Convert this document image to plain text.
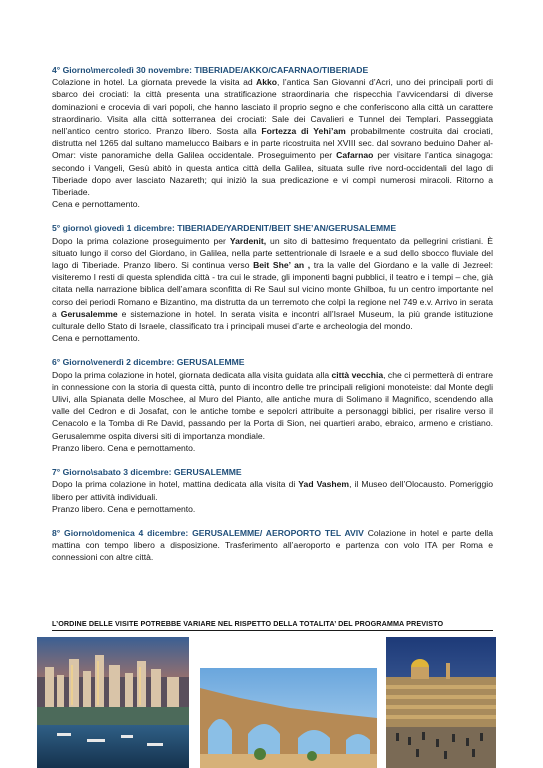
4° Giorno\mercoledì 30 novembre: TIBERIADE/AKKO/CAFARNAO/TIBERIADE
Colazione in hotel. La giornata prevede la visita ad Akko, l’antica San Giovanni d’Acri, uno dei principali porti di sbarco dei crociati: la città presenta una stratificazione straordinaria che rispecchia l’avvicendarsi di diverse dominazioni e crocevia di vari popoli, che hanno lasciato il proprio segno e che conferiscono alla città un carattere straordinario. Visita alla città sotterranea dei crociati: Sale dei Cavalieri e Tunnel dei Templari. Passeggiata nell’antico centro storico. Pranzo libero. Sosta alla Fortezza di Yehi’am probabilmente costruita dai crociati, distrutta nel 1265 dal sultano mamelucco Baibars e in parte ricostruita nel XVIII sec. dal sovrano beduino Daher al-Omar: viste panoramiche della Galilea occidentale. Proseguimento per Cafarnao per visitare l’antica sinagoga: secondo i Vangeli, Gesù abitò in questa antica città della Galilea, situata sulle rive nord-occidentali del lago di Tiberiade dopo aver lasciato Nazareth; qui iniziò la sua predicazione e vi compì numerosi miracoli. Ritorno a Tiberiade.
Cena e pernottamento.

5° giorno\ giovedì 1 dicembre: TIBERIADE/YARDENIT/BEIT SHE’AN/GERUSALEMME
Dopo la prima colazione proseguimento per Yardenit, un sito di battesimo frequentato da pellegrini cristiani. È situato lungo il corso del Giordano, in Galilea, nella parte settentrionale di Israele e a sud dello sbocco fluviale del lago di Tiberiade. Pranzo libero. Si continua verso Beit She’ an , tra la valle del Giordano e la valle di Jezreel: visiteremo I resti di questa splendida città - tra cui le strade, gli imponenti bagni pubblici, il teatro e i tempi – che, già citata nella narrazione biblica dell’amara sconfitta di Re Saul sul vicino monte Ghilboa, fu un centro importante nel corso dei periodi Romano e Bizantino, ma distrutta da un terremoto che colpì la regione nel 749 e.v. Arrivo in serata a Gerusalemme e sistemazione in hotel. In serata visita e incontri all’Israel Museum, la più grande istituzione culturale dello Stato di Israele, classificato tra i principali musei d’arte e archeologia del mondo.
Cena e pernottamento.

6° Giorno\venerdì 2 dicembre: GERUSALEMME
Dopo la prima colazione in hotel, giornata dedicata alla visita guidata alla città vecchia, che ci permetterà di entrare in connessione con la storia di questa città, punto di incontro delle tre principali religioni monoteiste: dal Monte degli Ulivi, alla Spianata delle Moschee, al Muro del Pianto, alle antiche mura di Solimano il Magnifico, scendendo alla valle del Cedron e di Josafat, con le antiche tombe e sepolcri attribuite a personaggi biblici, per risalire verso il Cenacolo e la Tomba di Re David, passando per la Porta di Sion, nei quartieri arabo, ebraico, armeno e cristiano. Gerusalemme ospita diversi siti di importanza mondiale.
Pranzo libero. Cena e pernottamento.

7° Giorno\sabato 3 dicembre: GERUSALEMME
Dopo la prima colazione in hotel, mattina dedicata alla visita di Yad Vashem, il Museo dell’Olocausto. Pomeriggio libero per attività individuali.
Pranzo libero. Cena e pernottamento.

8° Giorno\domenica 4 dicembre: GERUSALEMME/ AEROPORTO TEL AVIV Colazione in hotel e parte della mattina con tempo libero a disposizione. Trasferimento all’aeroporto e partenza con volo ITA per Roma e connessioni con altre città.

L’ORDINE DELLE VISITE POTREBBE VARIARE NEL RISPETTO DELLA TOTALITA’ DEL PROGRAMMA PREVISTO
